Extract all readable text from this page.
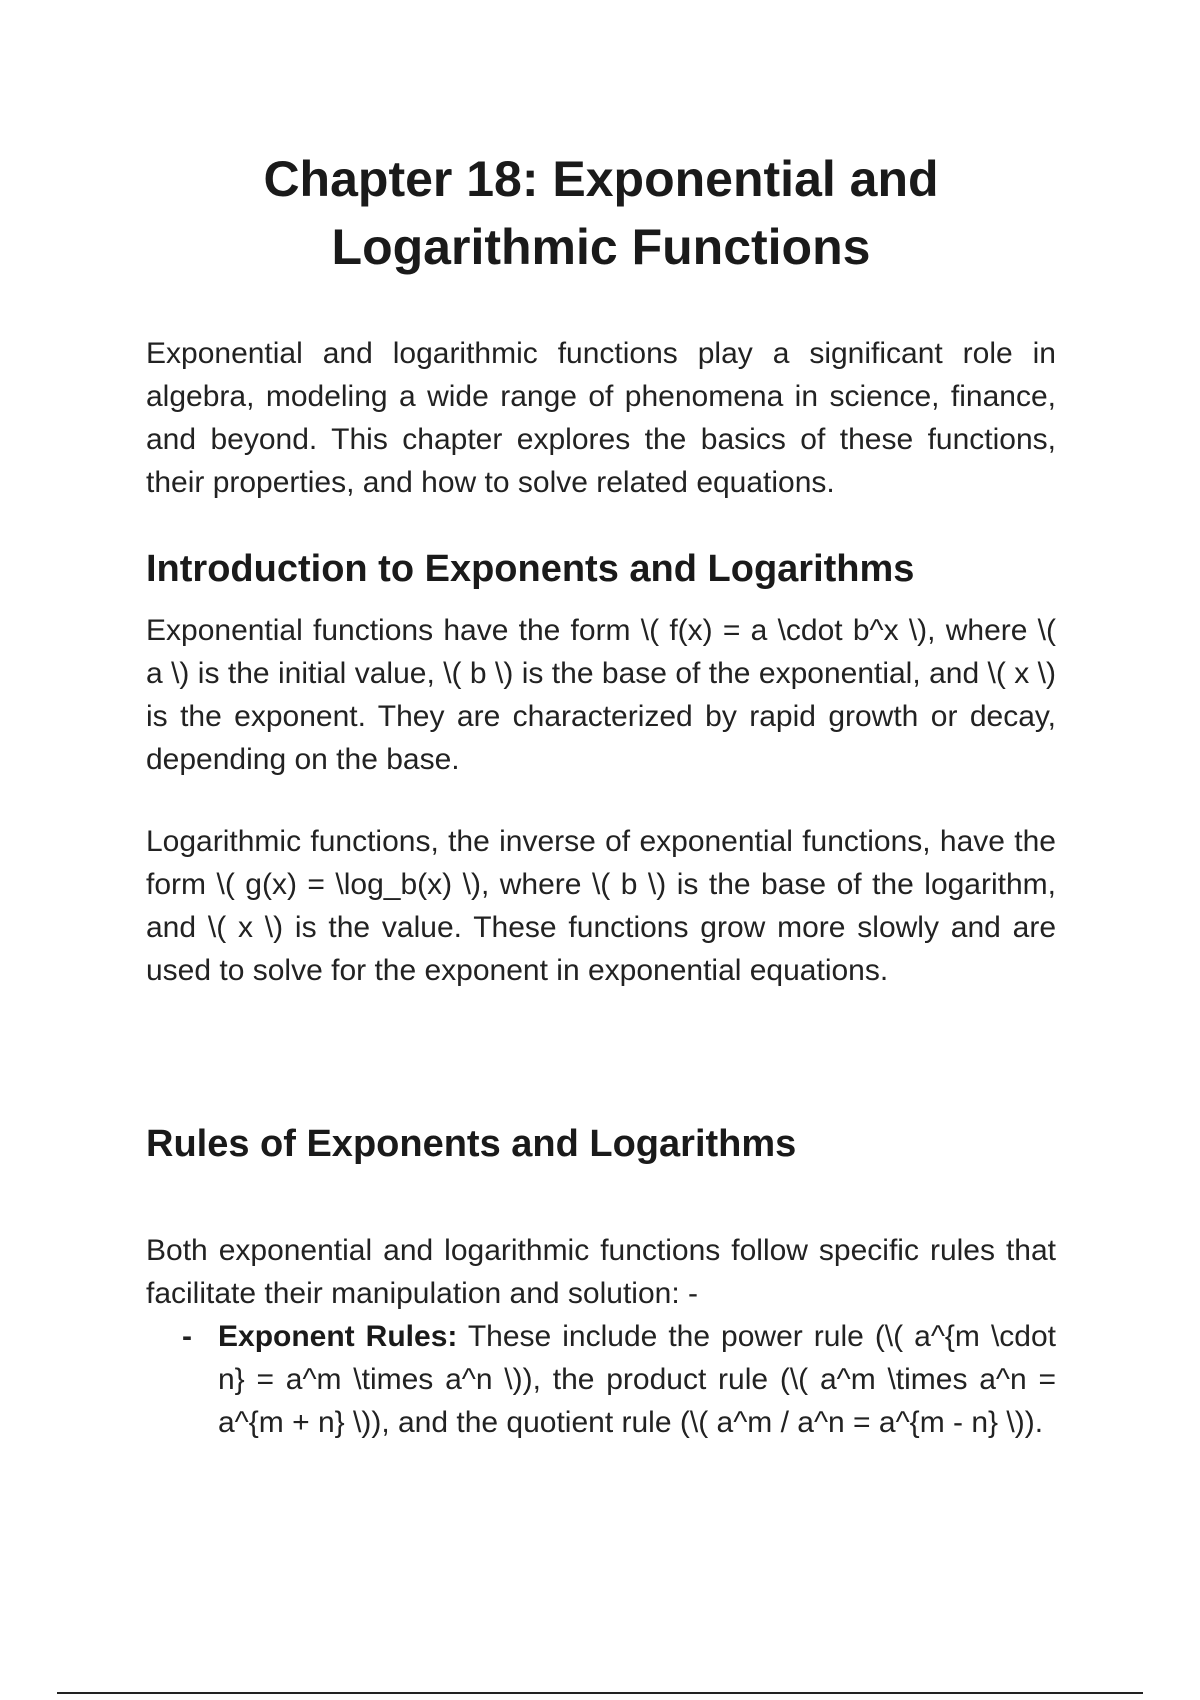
Chapter 18: Exponential and Logarithmic Functions

Exponential and logarithmic functions play a significant role in algebra, modeling a wide range of phenomena in science, finance, and beyond. This chapter explores the basics of these functions, their properties, and how to solve related equations.

Introduction to Exponents and Logarithms

Exponential functions have the form \( f(x) = a \cdot b^x \), where \( a \) is the initial value, \( b \) is the base of the exponential, and \( x \) is the exponent. They are characterized by rapid growth or decay, depending on the base.

Logarithmic functions, the inverse of exponential functions, have the form \( g(x) = \log_b(x) \), where \( b \) is the base of the logarithm, and \( x \) is the value. These functions grow more slowly and are used to solve for the exponent in exponential equations.

Rules of Exponents and Logarithms

Both exponential and logarithmic functions follow specific rules that facilitate their manipulation and solution: -

- Exponent Rules: These include the power rule (\( a^{m \cdot n} = a^m \times a^n \)), the product rule (\( a^m \times a^n = a^{m + n} \)), and the quotient rule (\( a^m / a^n = a^{m - n} \)).
